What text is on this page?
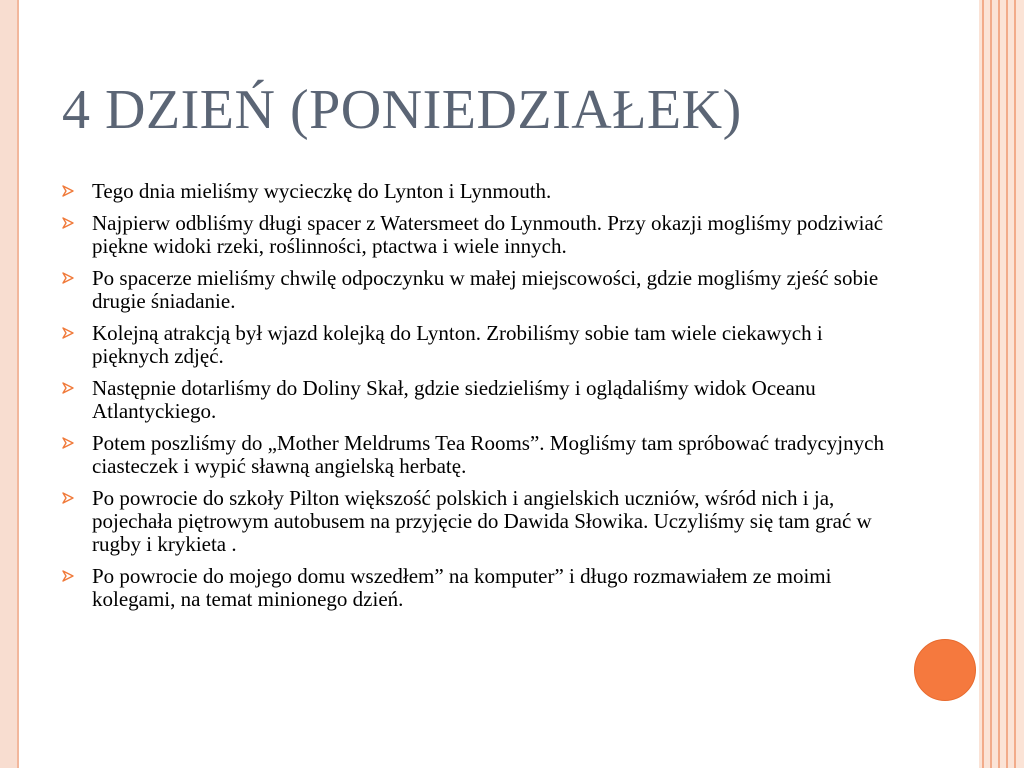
4 DZIEŃ (PONIEDZIAŁEK)
Tego dnia mieliśmy wycieczkę do Lynton i Lynmouth.
Najpierw odbliśmy długi spacer z Watersmeet do Lynmouth. Przy okazji mogliśmy podziwiać piękne widoki rzeki, roślinności, ptactwa i wiele innych.
Po spacerze mieliśmy chwilę odpoczynku w małej miejscowości, gdzie mogliśmy zjeść sobie drugie śniadanie.
Kolejną atrakcją był wjazd kolejką do Lynton. Zrobiliśmy sobie tam wiele ciekawych i pięknych zdjęć.
Następnie dotarliśmy do Doliny Skał, gdzie siedzieliśmy i oglądaliśmy widok Oceanu Atlantyckiego.
Potem poszliśmy do „Mother Meldrums Tea Rooms”. Mogliśmy tam spróbować tradycyjnych ciasteczek i wypić sławną angielską herbatę.
Po powrocie do szkoły Pilton większość polskich i angielskich uczniów, wśród nich i ja, pojechała piętrowym autobusem na przyjęcie do Dawida Słowika. Uczyliśmy się tam grać w rugby i krykieta .
Po powrocie do mojego domu wszedłem” na komputer” i długo rozmawiałem ze moimi kolegami, na temat minionego dzień.
